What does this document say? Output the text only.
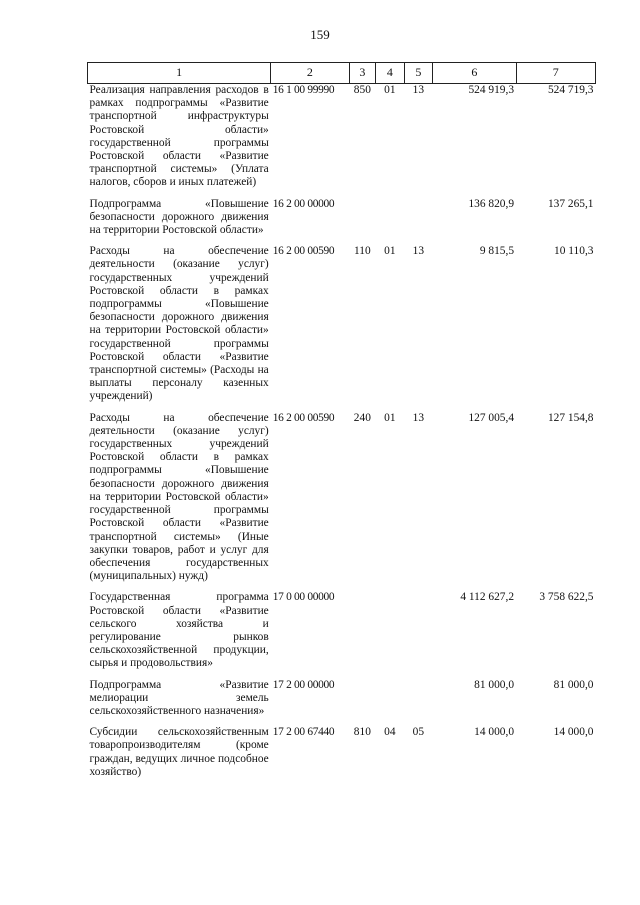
159
1	2	3	4	5	6	7
Реализация направления расходов в рамках подпрограммы «Развитие транспортной инфраструктуры Ростовской области» государственной программы Ростовской области «Развитие транспортной системы» (Уплата налогов, сборов и иных платежей)	16 1 00 99990	850	01	13	524 919,3	524 719,3
Подпрограмма «Повышение безопасности дорожного движения на территории Ростовской области»	16 2 00 00000				136 820,9	137 265,1
Расходы на обеспечение деятельности (оказание услуг) государственных учреждений Ростовской области в рамках подпрограммы «Повышение безопасности дорожного движения на территории Ростовской области» государственной программы Ростовской области «Развитие транспортной системы» (Расходы на выплаты персоналу казенных учреждений)	16 2 00 00590	110	01	13	9 815,5	10 110,3
Расходы на обеспечение деятельности (оказание услуг) государственных учреждений Ростовской области в рамках подпрограммы «Повышение безопасности дорожного движения на территории Ростовской области» государственной программы Ростовской области «Развитие транспортной системы» (Иные закупки товаров, работ и услуг для обеспечения государственных (муниципальных) нужд)	16 2 00 00590	240	01	13	127 005,4	127 154,8
Государственная программа Ростовской области «Развитие сельского хозяйства и регулирование рынков сельскохозяйственной продукции, сырья и продовольствия»	17 0 00 00000				4 112 627,2	3 758 622,5
Подпрограмма «Развитие мелиорации земель сельскохозяйственного назначения»	17 2 00 00000				81 000,0	81 000,0
Субсидии сельскохозяйственным товаропроизводителям (кроме граждан, ведущих личное подсобное хозяйство)	17 2 00 67440	810	04	05	14 000,0	14 000,0
